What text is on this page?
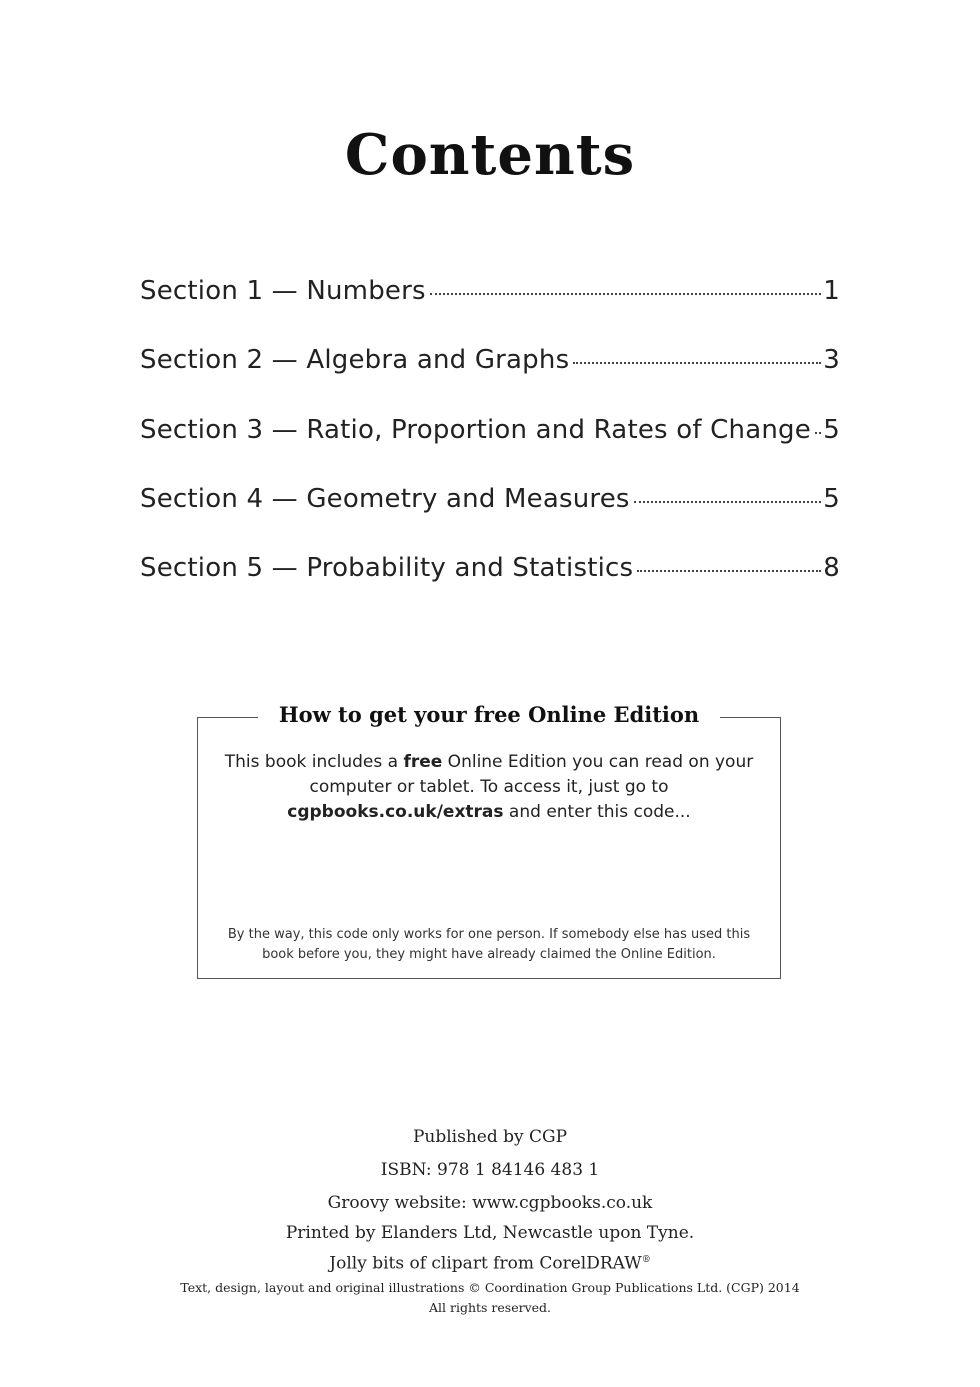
Contents
Section 1 — Numbers	1
Section 2 — Algebra and Graphs	3
Section 3 — Ratio, Proportion and Rates of Change 5
Section 4 — Geometry and Measures	5
Section 5 — Probability and Statistics	8
How to get your free Online Edition
This book includes a free Online Edition you can read on your computer or tablet. To access it, just go to cgpbooks.co.uk/extras and enter this code...
By the way, this code only works for one person. If somebody else has used this book before you, they might have already claimed the Online Edition.
Published by CGP
ISBN: 978 1 84146 483 1
Groovy website: www.cgpbooks.co.uk
Printed by Elanders Ltd, Newcastle upon Tyne.
Jolly bits of clipart from CorelDRAW®
Text, design, layout and original illustrations © Coordination Group Publications Ltd. (CGP) 2014
All rights reserved.
